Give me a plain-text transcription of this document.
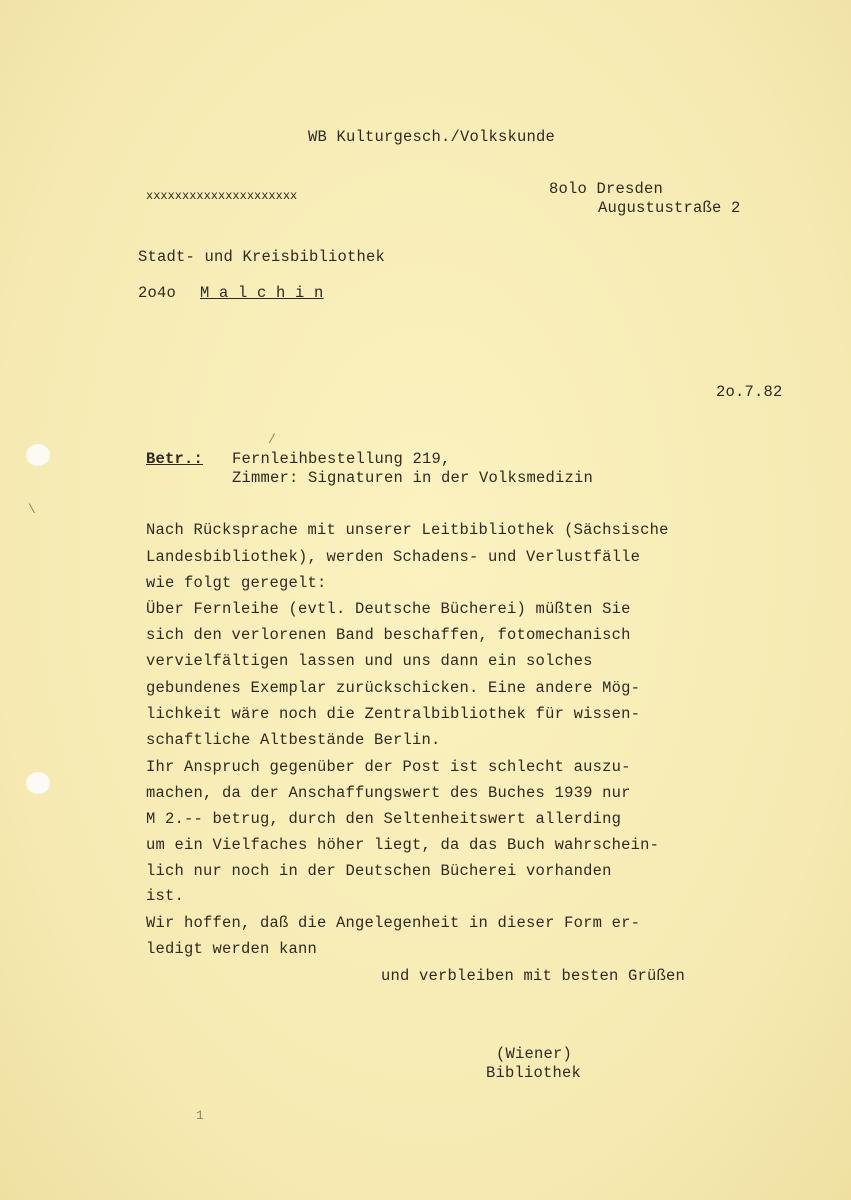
WB Kulturgesch./Volkskunde
xxxxxxxxxxxxxxxxxxxxx	8olo Dresden
Augustustraße 2
Stadt- und Kreisbibliothek
2o4o M a l c h i n
2o.7.82
Betr.: Fernleihbestellung 219,
Zimmer: Signaturen in der Volksmedizin
Nach Rücksprache mit unserer Leitbibliothek (Sächsische
Landesbibliothek), werden Schadens- und Verlustfälle
wie folgt geregelt:
Über Fernleihe (evtl. Deutsche Bücherei) müßten Sie
sich den verlorenen Band beschaffen, fotomechanisch
vervielfältigen lassen und uns dann ein solches
gebundenes Exemplar zurückschicken. Eine andere Mög-
lichkeit wäre noch die Zentralbibliothek für wissen-
schaftliche Altbestände Berlin.
Ihr Anspruch gegenüber der Post ist schlecht auszu-
machen, da der Anschaffungswert des Buches 1939 nur
M 2.-- betrug, durch den Seltenheitswert allerding
um ein Vielfaches höher liegt, da das Buch wahrschein-
lich nur noch in der Deutschen Bücherei vorhanden
ist.
Wir hoffen, daß die Angelegenheit in dieser Form er-
ledigt werden kann
und verbleiben mit besten Grüßen
(Wiener)
Bibliothek
\
/
1
